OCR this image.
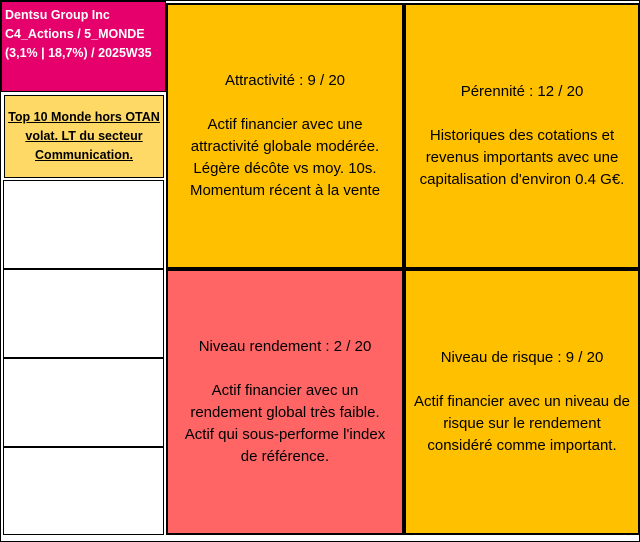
Dentsu Group Inc
C4_Actions / 5_MONDE
(3,1% | 18,7%) / 2025W35
Top 10 Monde hors OTAN
volat. LT du secteur
Communication.
Attractivité : 9 / 20
Actif financier avec une
attractivité globale modérée.
Légère décôte vs moy. 10s.
Momentum récent à la vente
Pérennité : 12 / 20
Historiques des cotations et
revenus importants avec une
capitalisation d'environ 0.4 G€.
Niveau rendement : 2 / 20
Actif financier avec un
rendement global très faible.
Actif qui sous-performe l'index
de référence.
Niveau de risque : 9 / 20
Actif financier avec un niveau de
risque sur le rendement
considéré comme important.
